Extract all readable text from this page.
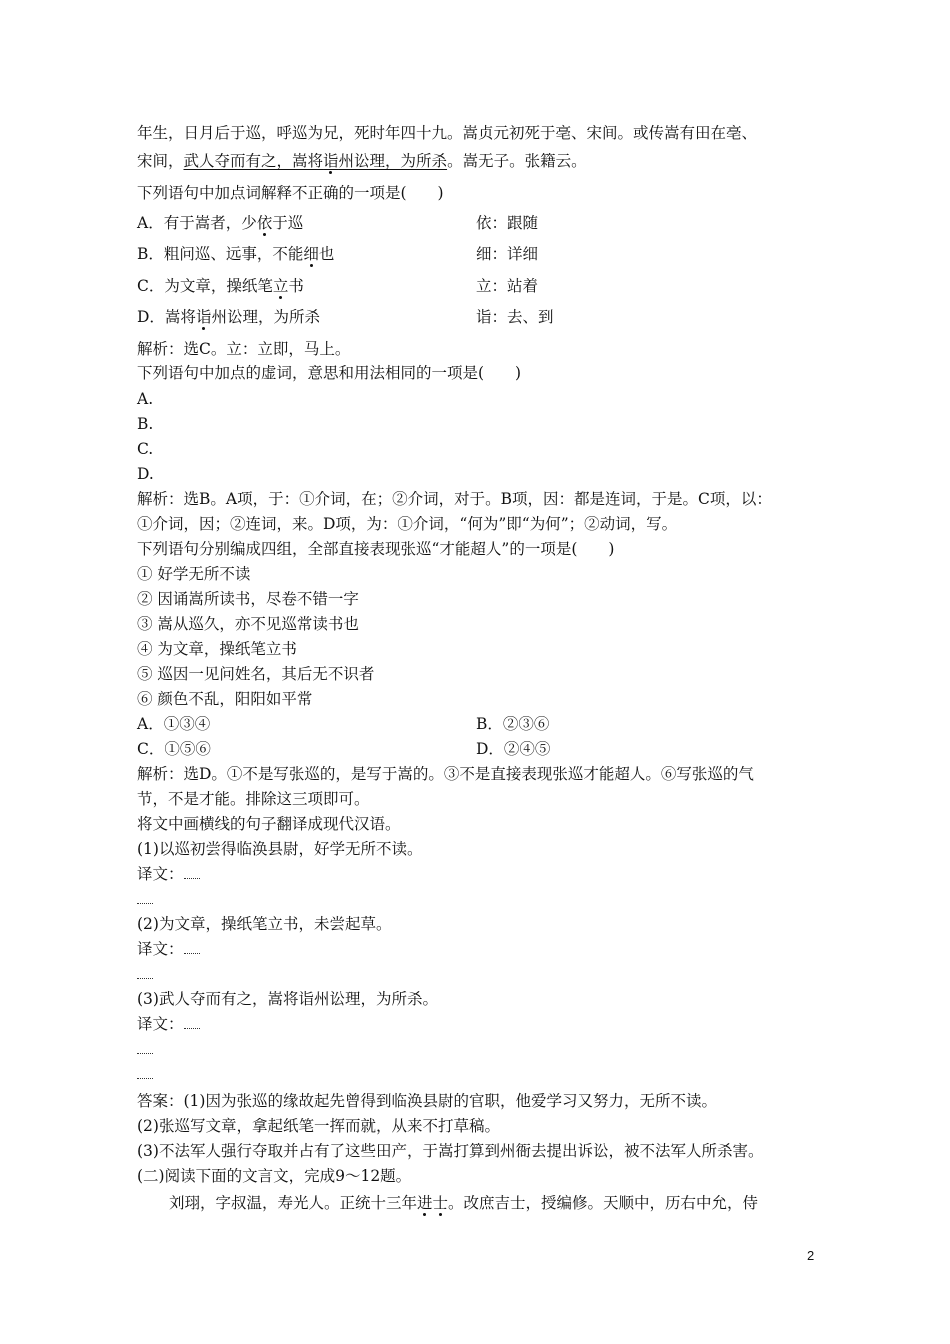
年生，日月后于巡，呼巡为兄，死时年四十九。嵩贞元初死于亳、宋间。或传嵩有田在亳、
宋间，武人夺而有之，嵩将诣州讼理，为所杀。嵩无子。张籍云。
下列语句中加点词解释不正确的一项是(　　)
A．有于嵩者，少依于巡	依：跟随
B．粗问巡、远事，不能细也	细：详细
C．为文章，操纸笔立书	立：站着
D．嵩将诣州讼理，为所杀	诣：去、到
解析：选C。立：立即，马上。
下列语句中加点的虚词，意思和用法相同的一项是(　　)
A.
B.
C.
D.
解析：选B。A项，于：①介词，在；②介词，对于。B项，因：都是连词，于是。C项，以：
①介词，因；②连词，来。D项，为：①介词，“何为”即“为何”；②动词，写。
下列语句分别编成四组，全部直接表现张巡“才能超人”的一项是(　　)
① 好学无所不读
② 因诵嵩所读书，尽卷不错一字
③ 嵩从巡久，亦不见巡常读书也
④ 为文章，操纸笔立书
⑤ 巡因一见问姓名，其后无不识者
⑥ 颜色不乱，阳阳如平常
A．①③④	B．②③⑥
C．①⑤⑥	D．②④⑤
解析：选D。①不是写张巡的，是写于嵩的。③不是直接表现张巡才能超人。⑥写张巡的气
节，不是才能。排除这三项即可。
将文中画横线的句子翻译成现代汉语。
(1)以巡初尝得临涣县尉，好学无所不读。
译文：
(2)为文章，操纸笔立书，未尝起草。
译文：
(3)武人夺而有之，嵩将诣州讼理，为所杀。
译文：
答案：(1)因为张巡的缘故起先曾得到临涣县尉的官职，他爱学习又努力，无所不读。
(2)张巡写文章，拿起纸笔一挥而就，从来不打草稿。
(3)不法军人强行夺取并占有了这些田产，于嵩打算到州衙去提出诉讼，被不法军人所杀害。
(二)阅读下面的文言文，完成9～12题。
刘珝，字叔温，寿光人。正统十三年进士。改庶吉士，授编修。天顺中，历右中允，侍
2
